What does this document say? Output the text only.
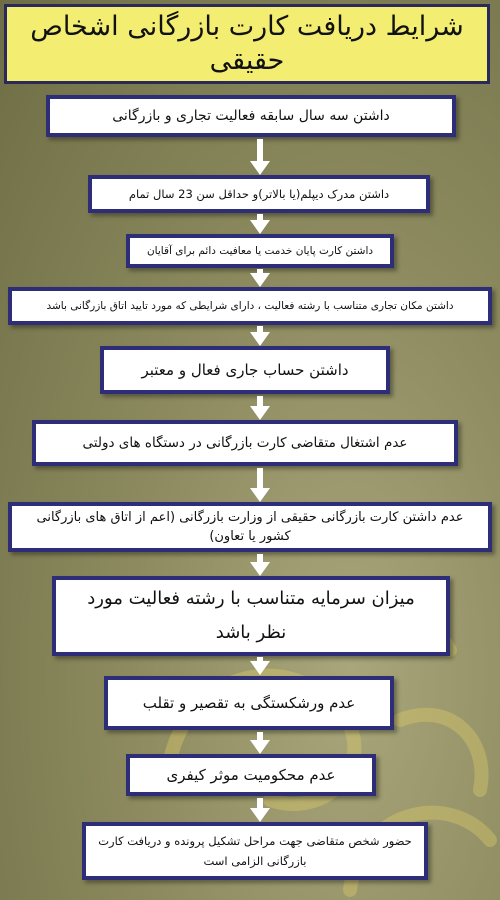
شرایط دریافت کارت بازرگانی اشخاص حقیقی
داشتن سه سال سابقه فعالیت تجاری و بازرگانی
داشتن مدرک دیپلم(یا بالاتر)و حداقل سن 23 سال تمام
داشتن کارت پایان خدمت یا معافیت دائم برای آقایان
داشتن مکان تجاری متناسب با رشته فعالیت ، دارای شرایطی که مورد تایید اتاق بازرگانی باشد
داشتن حساب جاری فعال و معتبر
عدم اشتغال متقاضی کارت بازرگانی در دستگاه های دولتی
عدم داشتن کارت بازرگانی حقیقی از وزارت بازرگانی (اعم از اتاق های بازرگانی کشور یا تعاون)
میزان سرمایه متناسب با رشته فعالیت مورد نظر باشد
عدم ورشکستگی به تقصیر و تقلب
عدم محکومیت موثر کیفری
حضور شخص متقاضی جهت مراحل تشکیل پرونده و دریافت کارت بازرگانی الزامی است
